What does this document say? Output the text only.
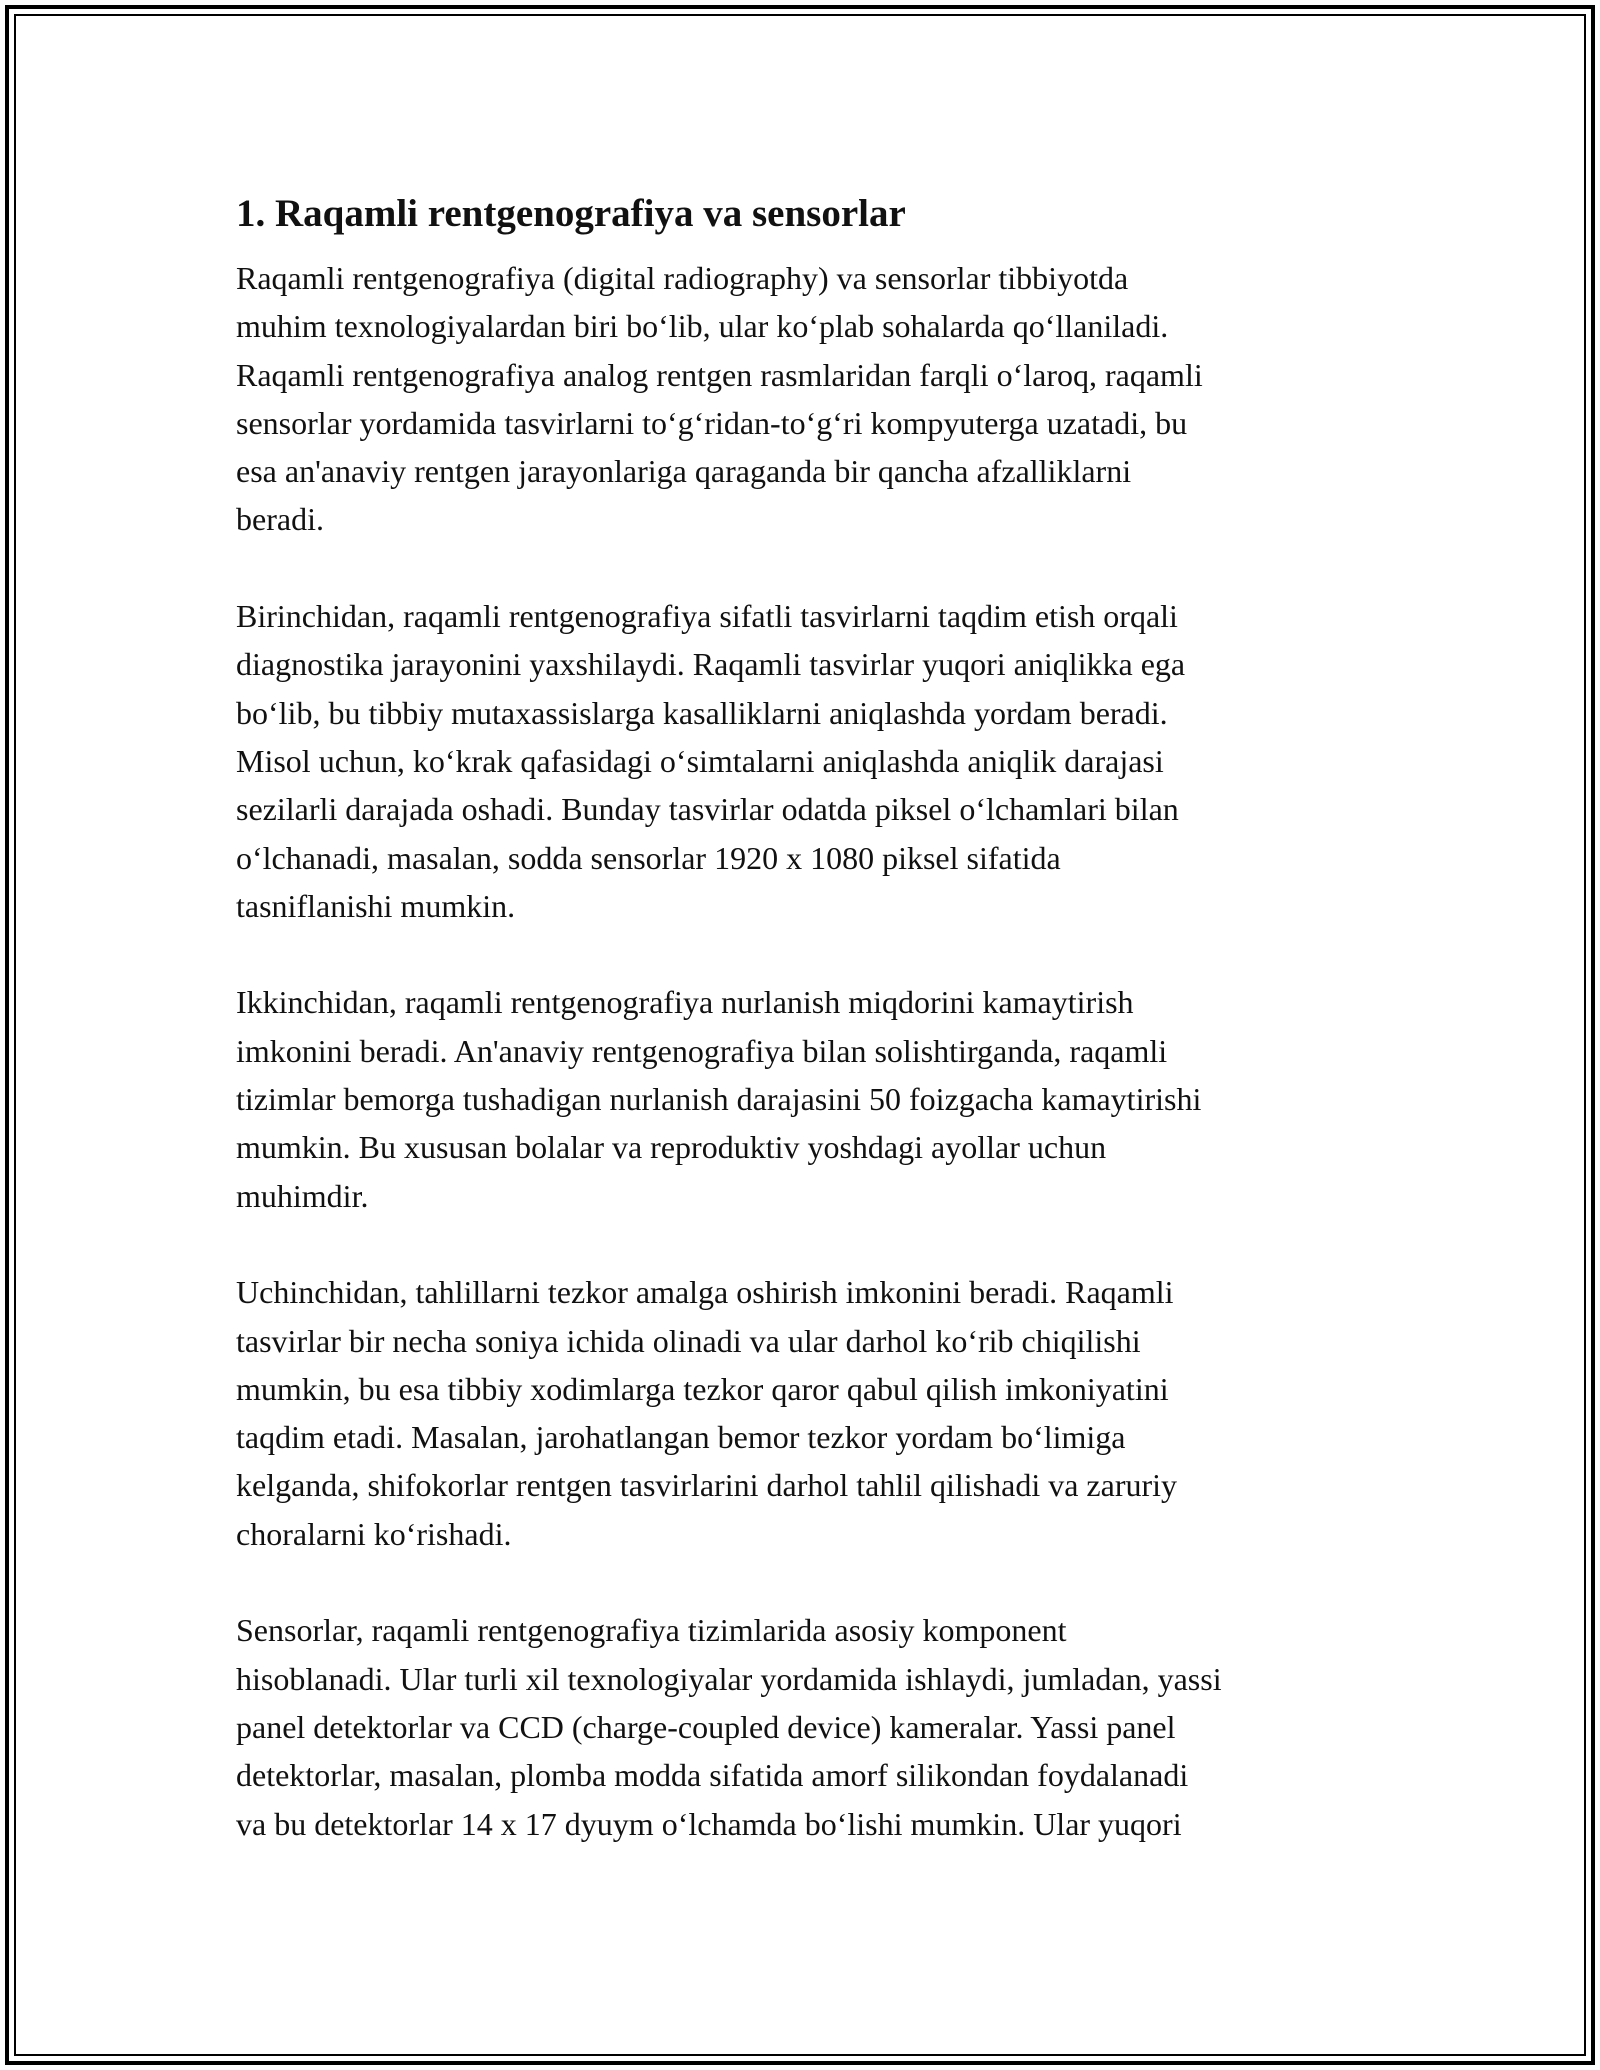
1. Raqamli rentgenografiya va sensorlar

Raqamli rentgenografiya (digital radiography) va sensorlar tibbiyotda
muhim texnologiyalardan biri bo‘lib, ular ko‘plab sohalarda qo‘llaniladi.
Raqamli rentgenografiya analog rentgen rasmlaridan farqli o‘laroq, raqamli
sensorlar yordamida tasvirlarni to‘g‘ridan-to‘g‘ri kompyuterga uzatadi, bu
esa an'anaviy rentgen jarayonlariga qaraganda bir qancha afzalliklarni
beradi.

Birinchidan, raqamli rentgenografiya sifatli tasvirlarni taqdim etish orqali
diagnostika jarayonini yaxshilaydi. Raqamli tasvirlar yuqori aniqlikka ega
bo‘lib, bu tibbiy mutaxassislarga kasalliklarni aniqlashda yordam beradi.
Misol uchun, ko‘krak qafasidagi o‘simtalarni aniqlashda aniqlik darajasi
sezilarli darajada oshadi. Bunday tasvirlar odatda piksel o‘lchamlari bilan
o‘lchanadi, masalan, sodda sensorlar 1920 x 1080 piksel sifatida
tasniflanishi mumkin.

Ikkinchidan, raqamli rentgenografiya nurlanish miqdorini kamaytirish
imkonini beradi. An'anaviy rentgenografiya bilan solishtirganda, raqamli
tizimlar bemorga tushadigan nurlanish darajasini 50 foizgacha kamaytirishi
mumkin. Bu xususan bolalar va reproduktiv yoshdagi ayollar uchun
muhimdir.

Uchinchidan, tahlillarni tezkor amalga oshirish imkonini beradi. Raqamli
tasvirlar bir necha soniya ichida olinadi va ular darhol ko‘rib chiqilishi
mumkin, bu esa tibbiy xodimlarga tezkor qaror qabul qilish imkoniyatini
taqdim etadi. Masalan, jarohatlangan bemor tezkor yordam bo‘limiga
kelganda, shifokorlar rentgen tasvirlarini darhol tahlil qilishadi va zaruriy
choralarni ko‘rishadi.

Sensorlar, raqamli rentgenografiya tizimlarida asosiy komponent
hisoblanadi. Ular turli xil texnologiyalar yordamida ishlaydi, jumladan, yassi
panel detektorlar va CCD (charge-coupled device) kameralar. Yassi panel
detektorlar, masalan, plomba modda sifatida amorf silikondan foydalanadi
va bu detektorlar 14 x 17 dyuym o‘lchamda bo‘lishi mumkin. Ular yuqori
